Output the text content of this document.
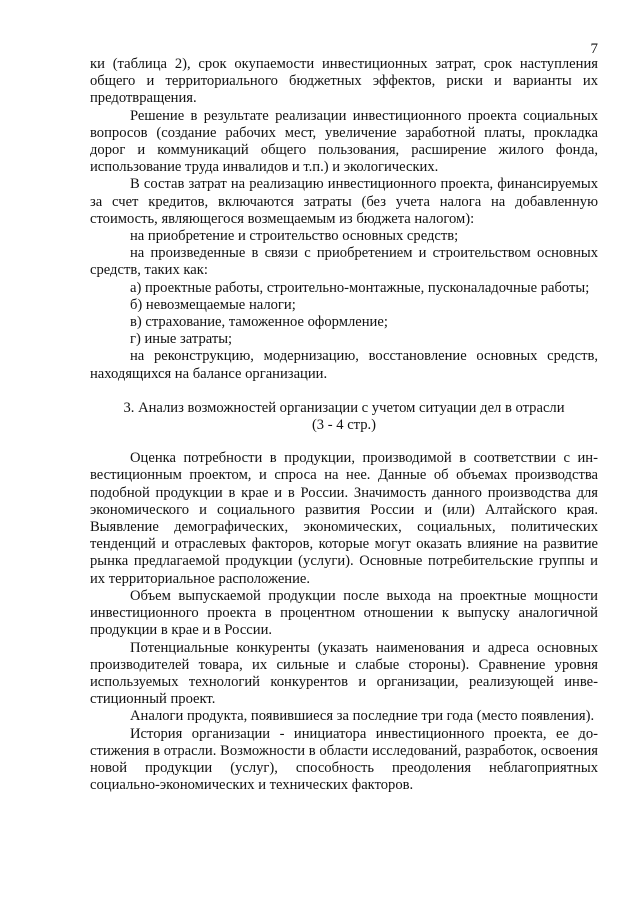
7

ки (таблица 2), срок окупаемости инвестиционных затрат, срок наступления общего и территориального бюджетных эффектов, риски и варианты их предотвращения.

Решение в результате реализации инвестиционного проекта социальных вопросов (создание рабочих мест, увеличение заработной платы, прокладка дорог и коммуникаций общего пользования, расширение жилого фонда, использование труда инвалидов и т.п.) и экологических.

В состав затрат на реализацию инвестиционного проекта, финансируемых за счет кредитов, включаются затраты (без учета налога на добавленную стоимость, являющегося возмещаемым из бюджета налогом):

на приобретение и строительство основных средств;

на произведенные в связи с приобретением и строительством основных средств, таких как:

а) проектные работы, строительно-монтажные, пусконаладочные работы;

б) невозмещаемые налоги;

в) страхование, таможенное оформление;

г) иные затраты;

на реконструкцию, модернизацию, восстановление основных средств, находящихся на балансе организации.

3. Анализ возможностей организации с учетом ситуации дел в отрасли
(3 - 4 стр.)

Оценка потребности в продукции, производимой в соответствии с инвестиционным проектом, и спроса на нее. Данные об объемах производства подобной продукции в крае и в России. Значимость данного производства для экономического и социального развития России и (или) Алтайского края. Выявление демографических, экономических, социальных, политических тенденций и отраслевых факторов, которые могут оказать влияние на развитие рынка предлагаемой продукции (услуги). Основные потребительские группы и их территориальное расположение.

Объем выпускаемой продукции после выхода на проектные мощности инвестиционного проекта в процентном отношении к выпуску аналогичной продукции в крае и в России.

Потенциальные конкуренты (указать наименования и адреса основных производителей товара, их сильные и слабые стороны). Сравнение уровня используемых технологий конкурентов и организации, реализующей инвестиционный проект.

Аналоги продукта, появившиеся за последние три года (место появления).

История организации - инициатора инвестиционного проекта, ее достижения в отрасли. Возможности в области исследований, разработок, освоения новой продукции (услуг), способность преодоления неблагоприятных социально-экономических и технических факторов.
